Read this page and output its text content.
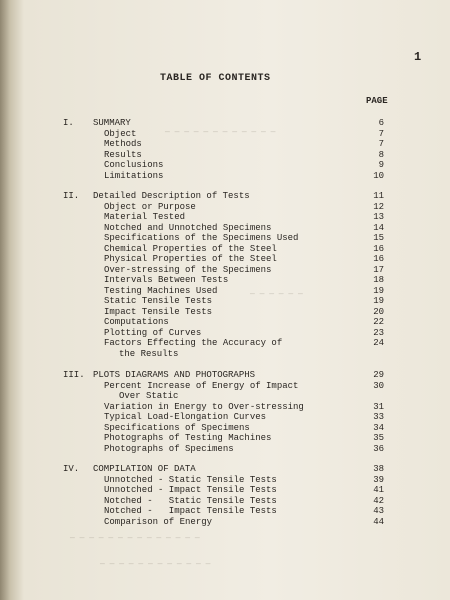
— — — — — — — — — — — —
— — — — — —
— — — — — — — — — — — — — —
— — — — — — — — — — — —
1
TABLE OF CONTENTS
PAGE
I. SUMMARY	6
Object	7
Methods	7
Results	8
Conclusions	9
Limitations	10
II. Detailed Description of Tests	11
Object or Purpose	12
Material Tested	13
Notched and Unnotched Specimens	14
Specifications of the Specimens Used	15
Chemical Properties of the Steel	16
Physical Properties of the Steel	16
Over-stressing of the Specimens	17
Intervals Between Tests	18
Testing Machines Used	19
Static Tensile Tests	19
Impact Tensile Tests	20
Computations	22
Plotting of Curves	23
Factors Effecting the Accuracy of	24
the Results
III. PLOTS DIAGRAMS AND PHOTOGRAPHS	29
Percent Increase of Energy of Impact	30
Over Static
Variation in Energy to Over-stressing	31
Typical Load-Elongation Curves	33
Specifications of Specimens	34
Photographs of Testing Machines	35
Photographs of Specimens	36
IV. COMPILATION OF DATA	38
Unnotched - Static Tensile Tests	39
Unnotched - Impact Tensile Tests	41
Notched -   Static Tensile Tests	42
Notched -   Impact Tensile Tests	43
Comparison of Energy	44
